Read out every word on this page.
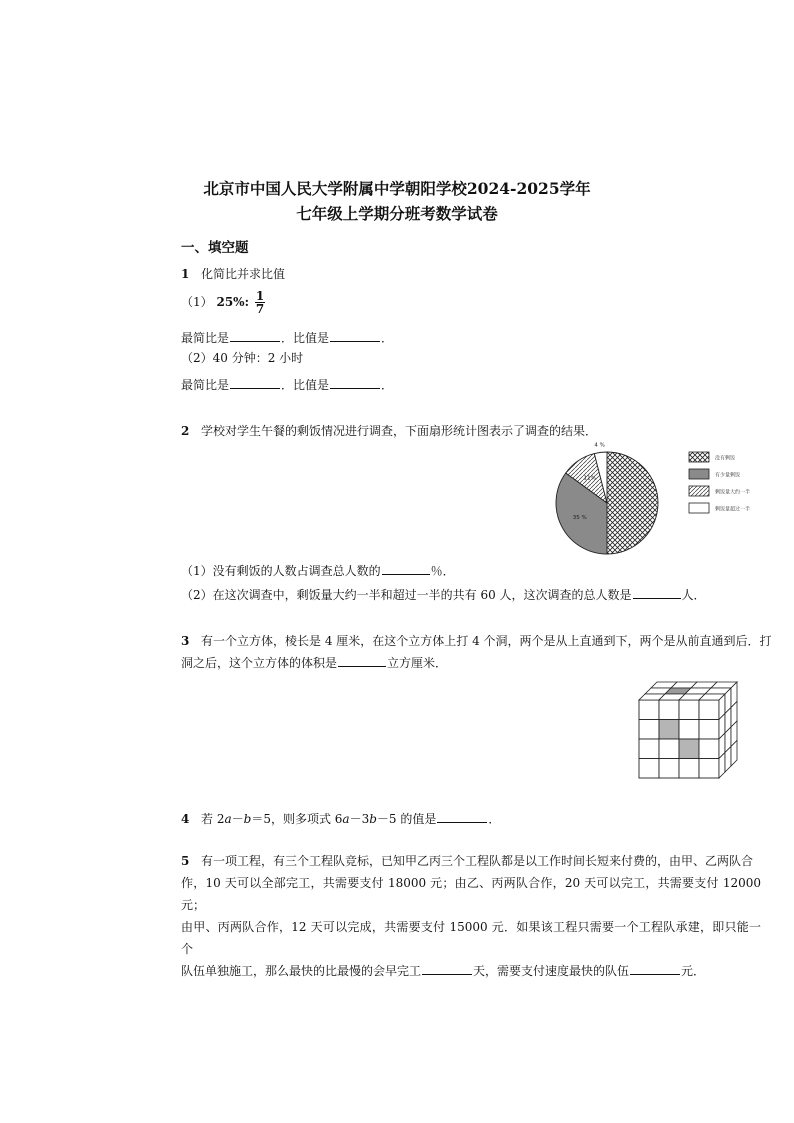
北京市中国人民大学附属中学朝阳学校2024-2025学年
七年级上学期分班考数学试卷
一、填空题
1 化简比并求比值
（1） 25%: $\frac{1}{7}$
最简比是	．比值是	．
（2）40 分钟：2 小时
最简比是	．比值是	．
2 学校对学生午餐的剩饭情况进行调查，下面扇形统计图表示了调查的结果．
35 %
11%
4 %
没有剩饭
有少量剩饭
剩饭量大约一半
剩饭量超过一半
（1）没有剩饭的人数占调查总人数的	％．
（2）在这次调查中，剩饭量大约一半和超过一半的共有 60 人，这次调查的总人数是	人．
3 有一个立方体，棱长是 4 厘米，在这个立方体上打 4 个洞，两个是从上直通到下，两个是从前直通到后．打
洞之后，这个立方体的体积是	立方厘米．
4 若 2a－b＝5，则多项式 6a－3b－5 的值是	．
5 有一项工程，有三个工程队竞标，已知甲乙丙三个工程队都是以工作时间长短来付费的，由甲、乙两队合
作，10 天可以全部完工，共需要支付 18000 元；由乙、丙两队合作，20 天可以完工，共需要支付 12000 元；
由甲、丙两队合作，12 天可以完成，共需要支付 15000 元．如果该工程只需要一个工程队承建，即只能一个
队伍单独施工，那么最快的比最慢的会早完工	天，需要支付速度最快的队伍	元．
